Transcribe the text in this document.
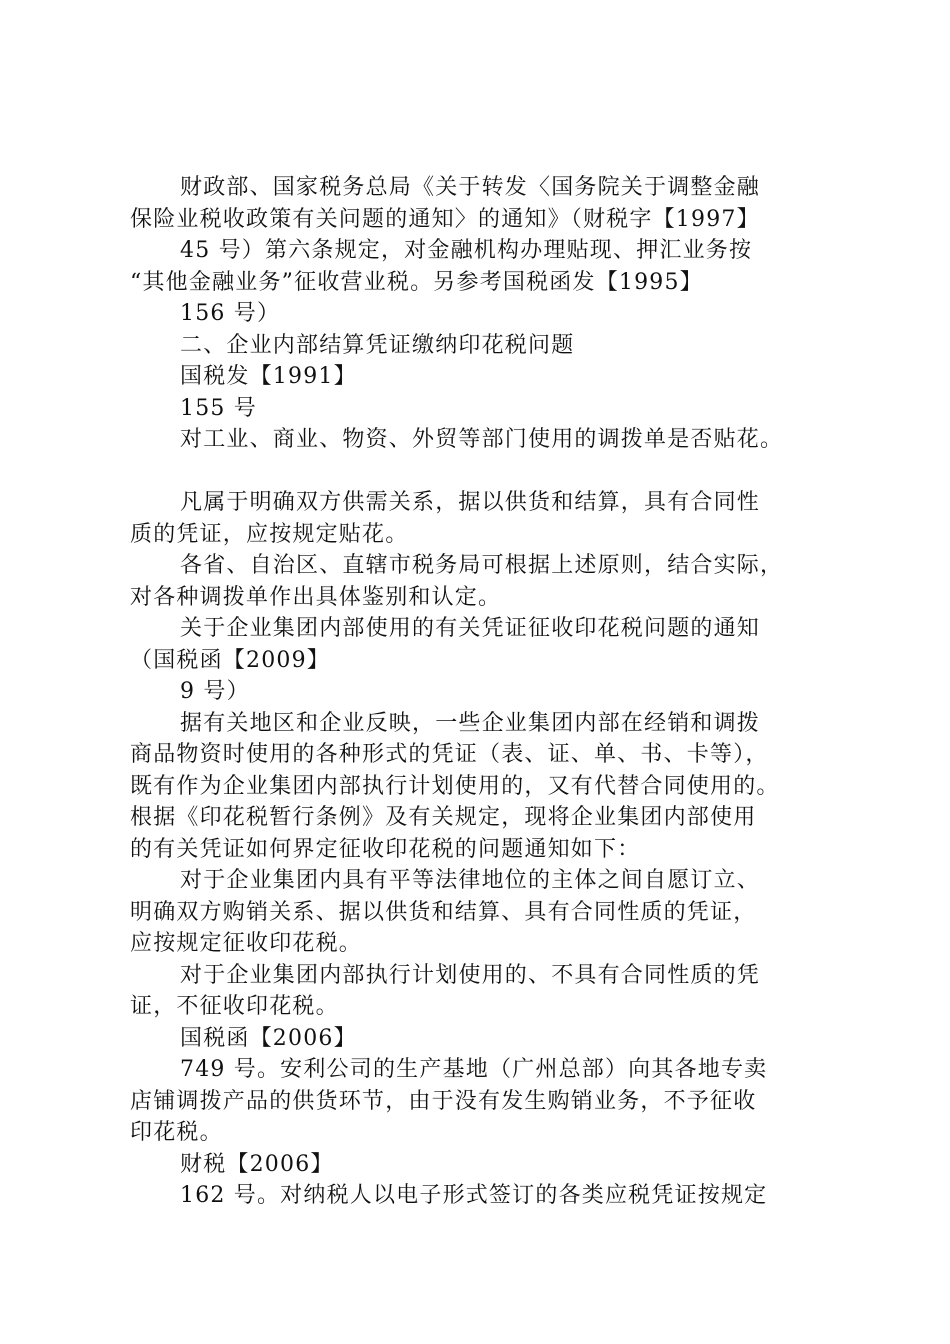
财政部、国家税务总局《关于转发〈国务院关于调整金融
保险业税收政策有关问题的通知〉的通知》（财税字【1997】
45 号）第六条规定，对金融机构办理贴现、押汇业务按
“其他金融业务”征收营业税。另参考国税函发【1995】
156 号）
二、企业内部结算凭证缴纳印花税问题
国税发【1991】
155 号
对工业、商业、物资、外贸等部门使用的调拨单是否贴花。
凡属于明确双方供需关系，据以供货和结算，具有合同性
质的凭证，应按规定贴花。
各省、自治区、直辖市税务局可根据上述原则，结合实际，
对各种调拨单作出具体鉴别和认定。
关于企业集团内部使用的有关凭证征收印花税问题的通知
（国税函【2009】
9 号）
据有关地区和企业反映，一些企业集团内部在经销和调拨
商品物资时使用的各种形式的凭证（表、证、单、书、卡等），
既有作为企业集团内部执行计划使用的，又有代替合同使用的。
根据《印花税暂行条例》及有关规定，现将企业集团内部使用
的有关凭证如何界定征收印花税的问题通知如下：
对于企业集团内具有平等法律地位的主体之间自愿订立、
明确双方购销关系、据以供货和结算、具有合同性质的凭证，
应按规定征收印花税。
对于企业集团内部执行计划使用的、不具有合同性质的凭
证，不征收印花税。
国税函【2006】
749 号。安利公司的生产基地（广州总部）向其各地专卖
店铺调拨产品的供货环节，由于没有发生购销业务，不予征收
印花税。
财税【2006】
162 号。对纳税人以电子形式签订的各类应税凭证按规定
